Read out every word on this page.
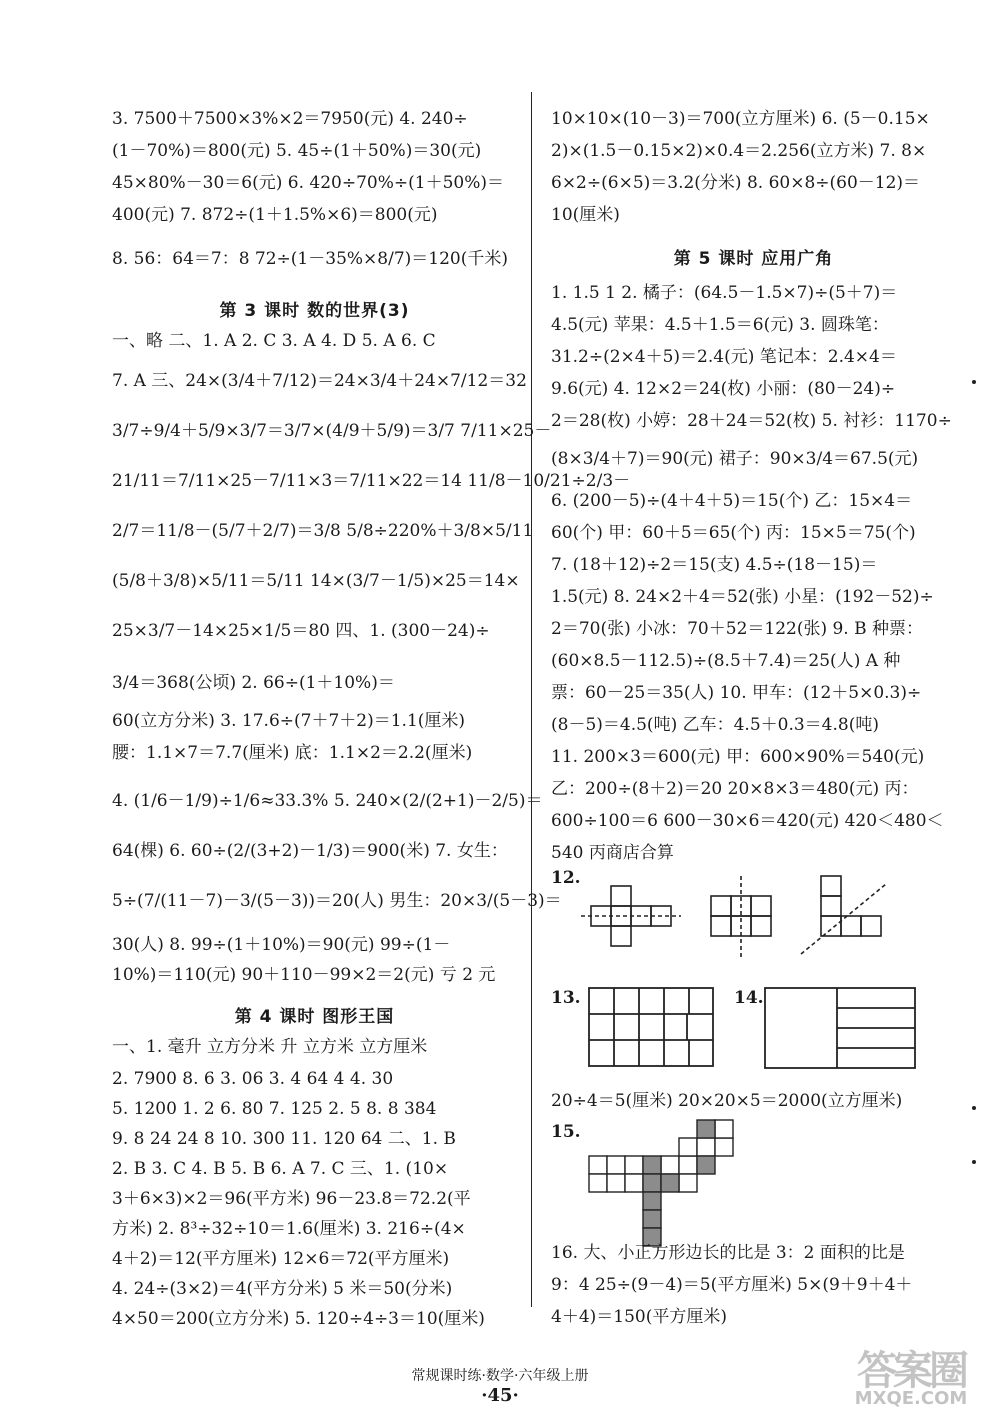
3. 7500＋7500×3%×2＝7950(元) 4. 240÷
(1－70%)＝800(元) 5. 45÷(1＋50%)＝30(元)
45×80%－30＝6(元) 6. 420÷70%÷(1＋50%)＝
400(元) 7. 872÷(1＋1.5%×6)＝800(元)
8. 56：64＝7：8 72÷(1－35%×8/7)＝120(千米)
第 3 课时 数的世界(3)
一、略 二、1. A 2. C 3. A 4. D 5. A 6. C
7. A 三、24×(3/4＋7/12)＝24×3/4＋24×7/12＝32
3/7÷9/4＋5/9×3/7＝3/7×(4/9＋5/9)＝3/7 7/11×25－
21/11＝7/11×25－7/11×3＝7/11×22＝14 11/8－10/21÷2/3－
2/7＝11/8－(5/7＋2/7)＝3/8 5/8÷220%＋3/8×5/11
(5/8＋3/8)×5/11＝5/11 14×(3/7－1/5)×25＝14×
25×3/7－14×25×1/5＝80 四、1. (300－24)÷
3/4＝368(公顷) 2. 66÷(1＋10%)＝
60(立方分米) 3. 17.6÷(7＋7＋2)＝1.1(厘米)
腰：1.1×7＝7.7(厘米) 底：1.1×2＝2.2(厘米)
4. (1/6－1/9)÷1/6≈33.3% 5. 240×(2/(2+1)－2/5)＝
64(棵) 6. 60÷(2/(3+2)－1/3)＝900(米) 7. 女生：
5÷(7/(11－7)－3/(5－3))＝20(人) 男生：20×3/(5－3)＝
30(人) 8. 99÷(1＋10%)＝90(元) 99÷(1－
10%)＝110(元) 90＋110－99×2＝2(元) 亏 2 元
第 4 课时 图形王国
一、1. 毫升 立方分米 升 立方米 立方厘米
2. 7900 8. 6 3. 06 3. 4 64 4 4. 30
5. 1200 1. 2 6. 80 7. 125 2. 5 8. 8 384
9. 8 24 24 8 10. 300 11. 120 64 二、1. B
2. B 3. C 4. B 5. B 6. A 7. C 三、1. (10×
3＋6×3)×2＝96(平方米) 96－23.8＝72.2(平
方米) 2. 8³÷32÷10＝1.6(厘米) 3. 216÷(4×
4＋2)＝12(平方厘米) 12×6＝72(平方厘米)
4. 24÷(3×2)＝4(平方分米) 5 米＝50(分米)
4×50＝200(立方分米) 5. 120÷4÷3＝10(厘米)
10×10×(10－3)＝700(立方厘米) 6. (5－0.15×
2)×(1.5－0.15×2)×0.4＝2.256(立方米) 7. 8×
6×2÷(6×5)＝3.2(分米) 8. 60×8÷(60－12)＝
10(厘米)
第 5 课时 应用广角
1. 1.5 1 2. 橘子：(64.5－1.5×7)÷(5＋7)＝
4.5(元) 苹果：4.5＋1.5＝6(元) 3. 圆珠笔：
31.2÷(2×4＋5)＝2.4(元) 笔记本：2.4×4＝
9.6(元) 4. 12×2＝24(枚) 小丽：(80－24)÷
2＝28(枚) 小婷：28＋24＝52(枚) 5. 衬衫：1170÷
(8×3/4＋7)＝90(元) 裙子：90×3/4＝67.5(元)
6. (200－5)÷(4＋4＋5)＝15(个) 乙：15×4＝
60(个) 甲：60＋5＝65(个) 丙：15×5＝75(个)
7. (18＋12)÷2＝15(支) 4.5÷(18－15)＝
1.5(元) 8. 24×2＋4＝52(张) 小星：(192－52)÷
2＝70(张) 小冰：70＋52＝122(张) 9. B 种票：
(60×8.5－112.5)÷(8.5＋7.4)＝25(人) A 种
票：60－25＝35(人) 10. 甲车：(12＋5×0.3)÷
(8－5)＝4.5(吨) 乙车：4.5＋0.3＝4.8(吨)
11. 200×3＝600(元) 甲：600×90%＝540(元)
乙：200÷(8＋2)＝20 20×8×3＝480(元) 丙：
600÷100＝6 600－30×6＝420(元) 420＜480＜
540 丙商店合算
12.
13.	14.
20÷4＝5(厘米) 20×20×5＝2000(立方厘米)
15.
16. 大、小正方形边长的比是 3：2 面积的比是
9：4 25÷(9－4)＝5(平方厘米) 5×(9＋9＋4＋
4＋4)＝150(平方厘米)
常规课时练·数学·六年级上册
·45·
答案圈
MXQE.COM
